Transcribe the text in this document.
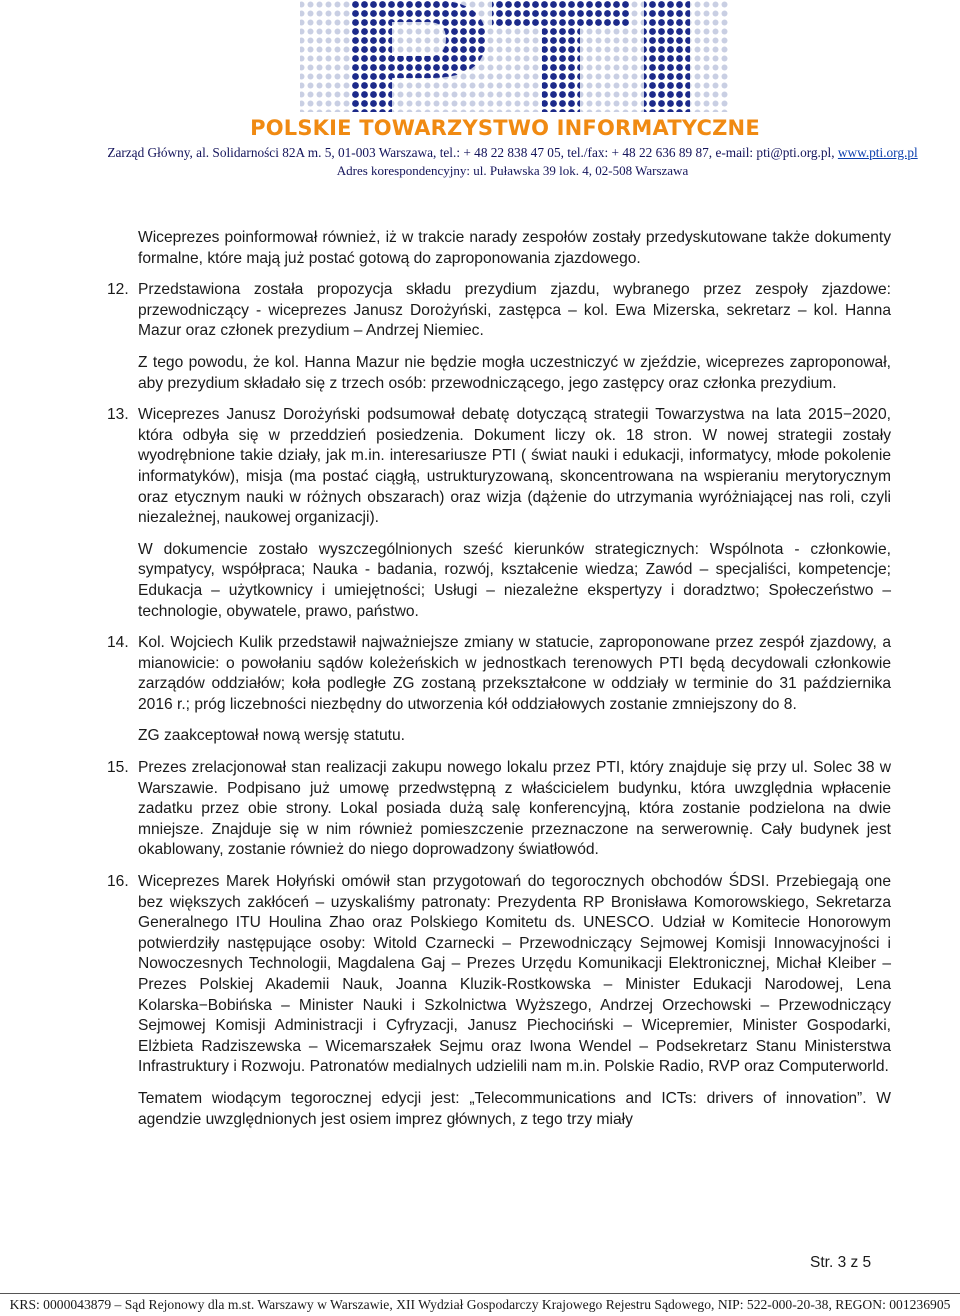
POLSKIE TOWARZYSTWO INFORMATYCZNE
Zarząd Główny, al. Solidarności 82A m. 5, 01-003 Warszawa, tel.: + 48 22 838 47 05, tel./fax: + 48 22 636 89 87, e-mail: pti@pti.org.pl, www.pti.org.pl
Adres korespondencyjny: ul. Puławska 39 lok. 4, 02-508 Warszawa

Wiceprezes poinformował również, iż w trakcie narady zespołów zostały przedyskutowane także dokumenty formalne, które mają już postać gotową do zaproponowania zjazdowego.

12. Przedstawiona została propozycja składu prezydium zjazdu, wybranego przez zespoły zjazdowe: przewodniczący - wiceprezes Janusz Dorożyński, zastępca – kol. Ewa Mizerska, sekretarz – kol. Hanna Mazur oraz członek prezydium – Andrzej Niemiec.

Z tego powodu, że kol. Hanna Mazur nie będzie mogła uczestniczyć w zjeździe, wiceprezes zaproponował, aby prezydium składało się z trzech osób: przewodniczącego, jego zastępcy oraz członka prezydium.

13. Wiceprezes Janusz Dorożyński podsumował debatę dotyczącą strategii Towarzystwa na lata 2015−2020, która odbyła się w przeddzień posiedzenia. Dokument liczy ok. 18 stron. W nowej strategii zostały wyodrębnione takie działy, jak m.in. interesariusze PTI ( świat nauki i edukacji, informatycy, młode pokolenie informatyków), misja (ma postać ciągłą, ustrukturyzowaną, skoncentrowana na wspieraniu merytorycznym oraz etycznym nauki w różnych obszarach) oraz wizja (dążenie do utrzymania wyróżniającej nas roli, czyli niezależnej, naukowej organizacji).

W dokumencie zostało wyszczególnionych sześć kierunków strategicznych: Wspólnota - członkowie, sympatycy, współpraca; Nauka - badania, rozwój, kształcenie wiedza; Zawód – specjaliści, kompetencje; Edukacja – użytkownicy i umiejętności; Usługi – niezależne ekspertyzy i doradztwo; Społeczeństwo – technologie, obywatele, prawo, państwo.

14. Kol. Wojciech Kulik przedstawił najważniejsze zmiany w statucie, zaproponowane przez zespół zjazdowy, a mianowicie: o powołaniu sądów koleżeńskich w jednostkach terenowych PTI będą decydowali członkowie zarządów oddziałów; koła podległe ZG zostaną przekształcone w oddziały w terminie do 31 października 2016 r.; próg liczebności niezbędny do utworzenia kół oddziałowych zostanie zmniejszony do 8.

ZG zaakceptował nową wersję statutu.

15. Prezes zrelacjonował stan realizacji zakupu nowego lokalu przez PTI, który znajduje się przy ul. Solec 38 w Warszawie. Podpisano już umowę przedwstępną z właścicielem budynku, która uwzględnia wpłacenie zadatku przez obie strony. Lokal posiada dużą salę konferencyjną, która zostanie podzielona na dwie mniejsze. Znajduje się w nim również pomieszczenie przeznaczone na serwerownię. Cały budynek jest okablowany, zostanie również do niego doprowadzony światłowód.

16. Wiceprezes Marek Hołyński omówił stan przygotowań do tegorocznych obchodów ŚDSI. Przebiegają one bez większych zakłóceń – uzyskaliśmy patronaty: Prezydenta RP Bronisława Komorowskiego, Sekretarza Generalnego ITU Houlina Zhao oraz Polskiego Komitetu ds. UNESCO. Udział w Komitecie Honorowym potwierdziły następujące osoby: Witold Czarnecki – Przewodniczący Sejmowej Komisji Innowacyjności i Nowoczesnych Technologii, Magdalena Gaj – Prezes Urzędu Komunikacji Elektronicznej, Michał Kleiber – Prezes Polskiej Akademii Nauk, Joanna Kluzik-Rostkowska – Minister Edukacji Narodowej, Lena Kolarska−Bobińska – Minister Nauki i Szkolnictwa Wyższego, Andrzej Orzechowski – Przewodniczący Sejmowej Komisji Administracji i Cyfryzacji, Janusz Piechociński – Wicepremier, Minister Gospodarki, Elżbieta Radziszewska – Wicemarszałek Sejmu oraz Iwona Wendel – Podsekretarz Stanu Ministerstwa Infrastruktury i Rozwoju. Patronatów medialnych udzielili nam m.in. Polskie Radio, RVP oraz Computerworld.

Tematem wiodącym tegorocznej edycji jest: „Telecommunications and ICTs: drivers of innovation”. W agendzie uwzględnionych jest osiem imprez głównych, z tego trzy miały

Str. 3 z 5
KRS: 0000043879 – Sąd Rejonowy dla m.st. Warszawy w Warszawie, XII Wydział Gospodarczy Krajowego Rejestru Sądowego, NIP: 522-000-20-38, REGON: 001236905
